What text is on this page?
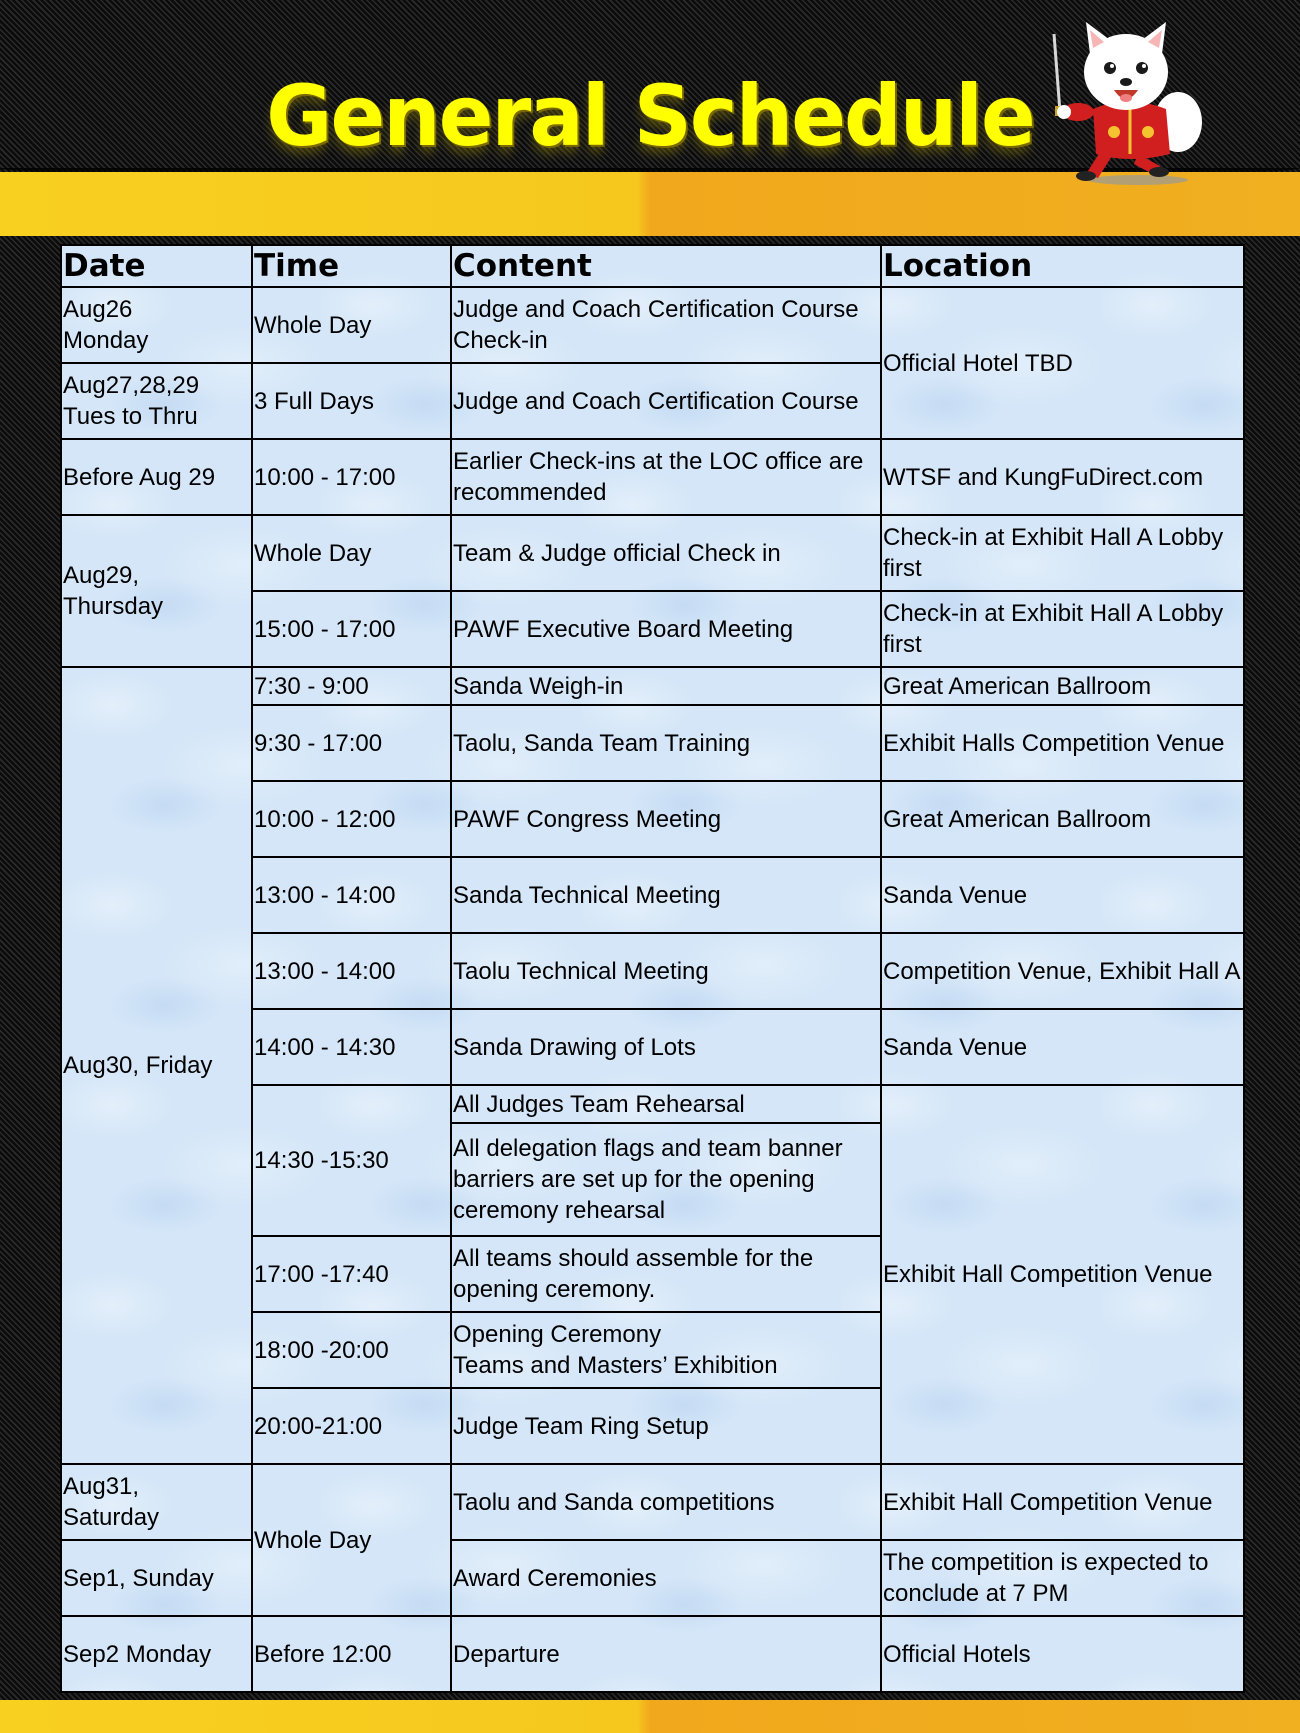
General Schedule
Date	Time	Content	Location
Aug26
Monday	Whole Day	Judge and Coach Certification Course Check-in	Official Hotel TBD
Aug27,28,29
Tues to Thru	3 Full Days	Judge and Coach Certification Course	
Before Aug 29	10:00 - 17:00	Earlier Check-ins at the LOC office are recommended	WTSF and KungFuDirect.com
Aug29,
Thursday	Whole Day	Team & Judge official Check in	Check-in at Exhibit Hall A Lobby first
	15:00 - 17:00	PAWF Executive Board Meeting	Check-in at Exhibit Hall A Lobby first
Aug30, Friday	7:30 - 9:00	Sanda Weigh-in	Great American Ballroom
	9:30 - 17:00	Taolu, Sanda Team Training	Exhibit Halls Competition Venue
	10:00 - 12:00	PAWF Congress Meeting	Great American Ballroom
	13:00 - 14:00	Sanda Technical Meeting	Sanda Venue
	13:00 - 14:00	Taolu Technical Meeting	Competition Venue, Exhibit Hall A
	14:00 - 14:30	Sanda Drawing of Lots	Sanda Venue
	14:30 -15:30	All Judges Team Rehearsal	Exhibit Hall Competition Venue
		All delegation flags and team banner barriers are set up for the opening ceremony rehearsal	
	17:00 -17:40	All teams should assemble for the opening ceremony.	
	18:00 -20:00	Opening Ceremony
Teams and Masters’ Exhibition	
	20:00-21:00	Judge Team Ring Setup	
Aug31,
Saturday	Whole Day	Taolu and Sanda competitions	Exhibit Hall Competition Venue
Sep1, Sunday		Award Ceremonies	The competition is expected to conclude at 7 PM
Sep2 Monday	Before 12:00	Departure	Official Hotels
